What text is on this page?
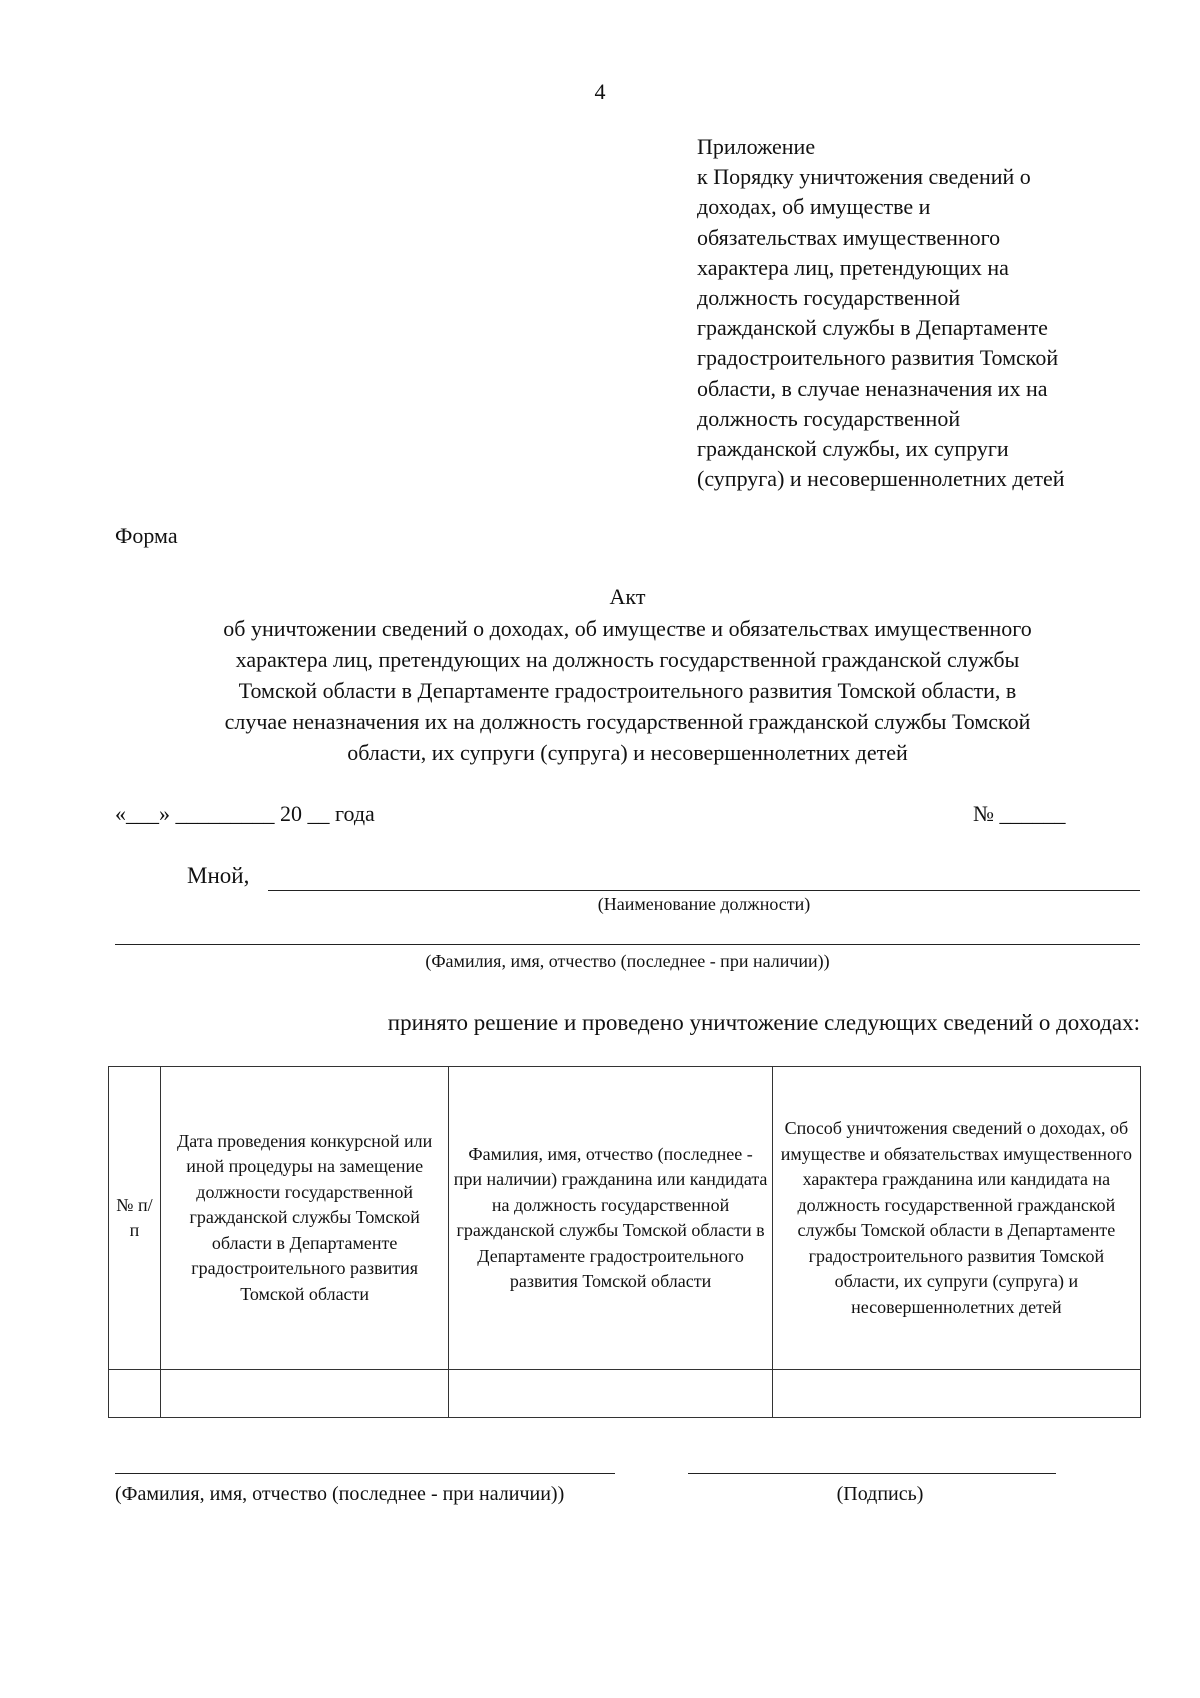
4
Приложение
к Порядку уничтожения сведений о
доходах, об имуществе и
обязательствах имущественного
характера лиц, претендующих на
должность государственной
гражданской службы в Департаменте
градостроительного развития Томской
области, в случае неназначения их на
должность государственной
гражданской службы, их супруги
(супруга) и несовершеннолетних детей
Форма
Акт
об уничтожении сведений о доходах, об имуществе и обязательствах имущественного
характера лиц, претендующих на должность государственной гражданской службы
Томской области в Департаменте градостроительного развития Томской области, в
случае неназначения их на должность государственной гражданской службы Томской
области, их супруги (супруга) и несовершеннолетних детей
«___» _________ 20 __ года	№ ______
Мной,
(Наименование должности)
(Фамилия, имя, отчество (последнее - при наличии))
принято решение и проведено уничтожение следующих сведений о доходах:
№ п/п	Дата проведения конкурсной или иной процедуры на замещение должности государственной гражданской службы Томской области в Департаменте градостроительного развития Томской области	Фамилия, имя, отчество (последнее - при наличии) гражданина или кандидата на должность государственной гражданской службы Томской области в Департаменте градостроительного развития Томской области	Способ уничтожения сведений о доходах, об имуществе и обязательствах имущественного характера гражданина или кандидата на должность государственной гражданской службы Томской области в Департаменте градостроительного развития Томской области, их супруги (супруга) и несовершеннолетних детей

(Фамилия, имя, отчество (последнее - при наличии))	(Подпись)
